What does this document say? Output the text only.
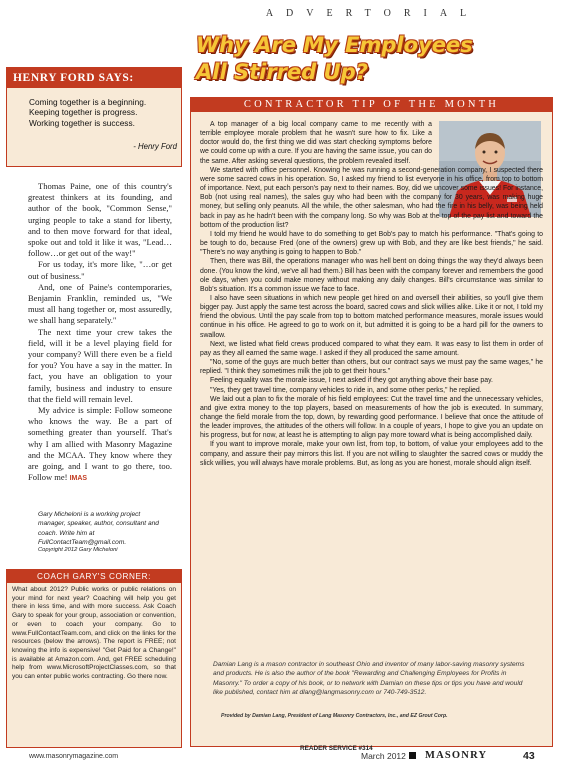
ADVERTORIAL
Why Are My Employees
All Stirred Up?
HENRY FORD SAYS:
Coming together is a beginning.
Keeping together is progress.
Working together is success.
- Henry Ford

Thomas Paine, one of this country's greatest thinkers at its founding, and author of the book, "Common Sense," urging people to take a stand for liberty, and to then move forward for that ideal, spoke out and told it like it was, "Lead…follow…or get out of the way!"

For us today, it's more like, "…or get out of business."

And, one of Paine's contemporaries, Benjamin Franklin, reminded us, "We must all hang together or, most assuredly, we shall hang separately."

The next time your crew takes the field, will it be a level playing field for your company? Will there even be a field for you? You have a say in the matter. In fact, you have an obligation to your family, business and industry to ensure that the field will remain level.

My advice is simple: Follow someone who knows the way. Be a part of something greater than yourself. That's why I am allied with Masonry Magazine and the MCAA. They know where they are going, and I want to go there, too. Follow me! IMAS

Gary Micheloni is a working project manager, speaker, author, consultant and coach. Write him at FullContactTeam@gmail.com.
Copyright 2012 Gary Micheloni
COACH GARY'S CORNER:
What about 2012? Public works or public relations on your mind for next year? Coaching will help you get there in less time, and with more success. Ask Coach Gary to speak for your group, association or convention, or even to coach your company. Go to www.FullContactTeam.com, and click on the links for the resources (below the arrows). The report is FREE; not knowing the info is expensive! "Get Paid for a Change!" is available at Amazon.com. And, get FREE scheduling help from www.MicrosoftProjectClasses.com, so that you can enter public works contracting. Go there now.
CONTRACTOR TIP OF THE MONTH

A top manager of a big local company came to me recently with a terrible employee morale problem that he wasn't sure how to fix. Like a doctor would do, the first thing we did was start checking symptoms before we could come up with a cure. If you are having the same issue, you can do the same. After asking several questions, the problem revealed itself.

We started with office personnel. Knowing he was running a second-generation company, I suspected there were some sacred cows in his operation. So, I asked my friend to list everyone in his office, from top to bottom of importance. Next, put each person's pay next to their names. Boy, did we uncover some issues! For instance, Bob (not using real names), the sales guy who had been with the company for 30 years, was making huge money, but selling only peanuts. All the while, the other salesman, who had the fire in his belly, was being held back in pay as he hadn't been with the company long. So why was Bob at the top of the pay list and toward the bottom of the production list?

I told my friend he would have to do something to get Bob's pay to match his performance. "That's going to be tough to do, because Fred (one of the owners) grew up with Bob, and they are like best friends," he said. "There's no way anything is going to happen to Bob."

Then, there was Bill, the operations manager who was hell bent on doing things the way they'd always been done. (You know the kind, we've all had them.) Bill has been with the company forever and remembers the good ole days, when you could make money without making any daily changes. Bill's circumstance was similar to Bob's situation. It's a common issue we face to face.

I also have seen situations in which new people get hired on and oversell their abilities, so you'll give them bigger pay. Just apply the same test across the board, sacred cows and slick willies alike. Like it or not, I told my friend the obvious. Until the pay scale from top to bottom matched performance measures, morale issues would continue in his office. He agreed to go to work on it, but admitted it is going to be a hard pill for the owners to swallow.

Next, we listed what field crews produced compared to what they earn. It was easy to list them in order of pay as they all earned the same wage. I asked if they all produced the same amount.

"No, some of the guys are much better than others, but our contract says we must pay the same wages," he replied. "I think they sometimes milk the job to get their hours."

Feeling equality was the morale issue, I next asked if they got anything above their base pay.

"Yes, they get travel time, company vehicles to ride in, and some other perks," he replied.

We laid out a plan to fix the morale of his field employees: Cut the travel time and the unnecessary vehicles, and give extra money to the top players, based on measurements of how the job is executed. In summary, change the field morale from the top, down, by rewarding good performance. I believe that once the attitude of the leader improves, the attitudes of the others will follow. In a couple of years, I hope to give you an update on his progress, but for now, at least he is attempting to align pay more toward what is being accomplished daily.

If you want to improve morale, make your own list, from top, to bottom, of value your employees add to the company, and assure their pay mirrors this list. If you are not willing to slaughter the sacred cows or muddy the slick willies, you will always have morale problems. But, as long as you are honest, morale should align itself.

Damian Lang is a mason contractor in southeast Ohio and inventor of many labor-saving masonry systems and products. He is also the author of the book "Rewarding and Challenging Employees for Profits in Masonry." To order a copy of his book, or to network with Damian on these tips or tips you have and would like published, contact him at dlang@langmasonry.com or 740-749-3512.
Provided by Damian Lang, President of Lang Masonry Contractors, Inc., and EZ Grout Corp.
READER SERVICE #314
www.masonrymagazine.com	March 2012 MASONRY	43
